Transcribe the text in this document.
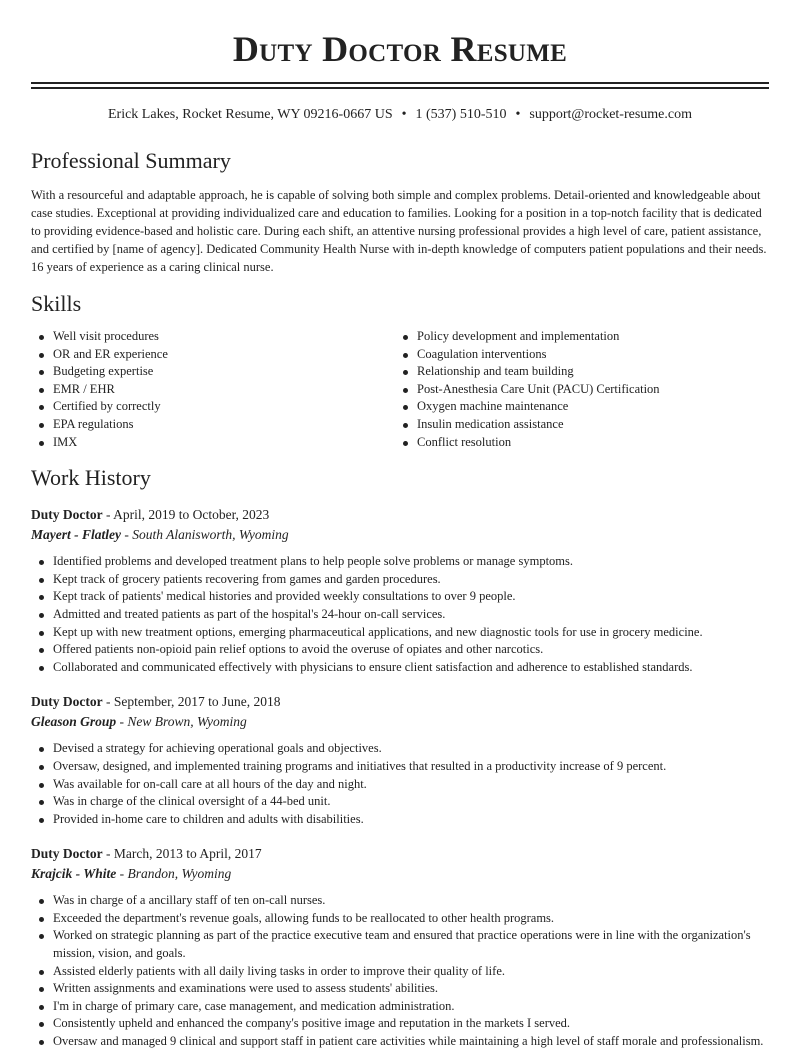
Duty Doctor Resume
Erick Lakes, Rocket Resume, WY 09216-0667 US • 1 (537) 510-510 • support@rocket-resume.com
Professional Summary

With a resourceful and adaptable approach, he is capable of solving both simple and complex problems. Detail-oriented and knowledgeable about case studies. Exceptional at providing individualized care and education to families. Looking for a position in a top-notch facility that is dedicated to providing evidence-based and holistic care. During each shift, an attentive nursing professional provides a high level of care, patient assistance, and certified by [name of agency]. Dedicated Community Health Nurse with in-depth knowledge of computers patient populations and their needs. 16 years of experience as a caring clinical nurse.

Skills
Well visit procedures
OR and ER experience
Budgeting expertise
EMR / EHR
Certified by correctly
EPA regulations
IMX
Policy development and implementation
Coagulation interventions
Relationship and team building
Post-Anesthesia Care Unit (PACU) Certification
Oxygen machine maintenance
Insulin medication assistance
Conflict resolution
Work History
Duty Doctor - April, 2019 to October, 2023
Mayert - Flatley - South Alanisworth, Wyoming
Identified problems and developed treatment plans to help people solve problems or manage symptoms.
Kept track of grocery patients recovering from games and garden procedures.
Kept track of patients' medical histories and provided weekly consultations to over 9 people.
Admitted and treated patients as part of the hospital's 24-hour on-call services.
Kept up with new treatment options, emerging pharmaceutical applications, and new diagnostic tools for use in grocery medicine.
Offered patients non-opioid pain relief options to avoid the overuse of opiates and other narcotics.
Collaborated and communicated effectively with physicians to ensure client satisfaction and adherence to established standards.
Duty Doctor - September, 2017 to June, 2018
Gleason Group - New Brown, Wyoming
Devised a strategy for achieving operational goals and objectives.
Oversaw, designed, and implemented training programs and initiatives that resulted in a productivity increase of 9 percent.
Was available for on-call care at all hours of the day and night.
Was in charge of the clinical oversight of a 44-bed unit.
Provided in-home care to children and adults with disabilities.
Duty Doctor - March, 2013 to April, 2017
Krajcik - White - Brandon, Wyoming
Was in charge of a ancillary staff of ten on-call nurses.
Exceeded the department's revenue goals, allowing funds to be reallocated to other health programs.
Worked on strategic planning as part of the practice executive team and ensured that practice operations were in line with the organization's mission, vision, and goals.
Assisted elderly patients with all daily living tasks in order to improve their quality of life.
Written assignments and examinations were used to assess students' abilities.
I'm in charge of primary care, case management, and medication administration.
Consistently upheld and enhanced the company's positive image and reputation in the markets I served.
Oversaw and managed 9 clinical and support staff in patient care activities while maintaining a high level of staff morale and professionalism.
